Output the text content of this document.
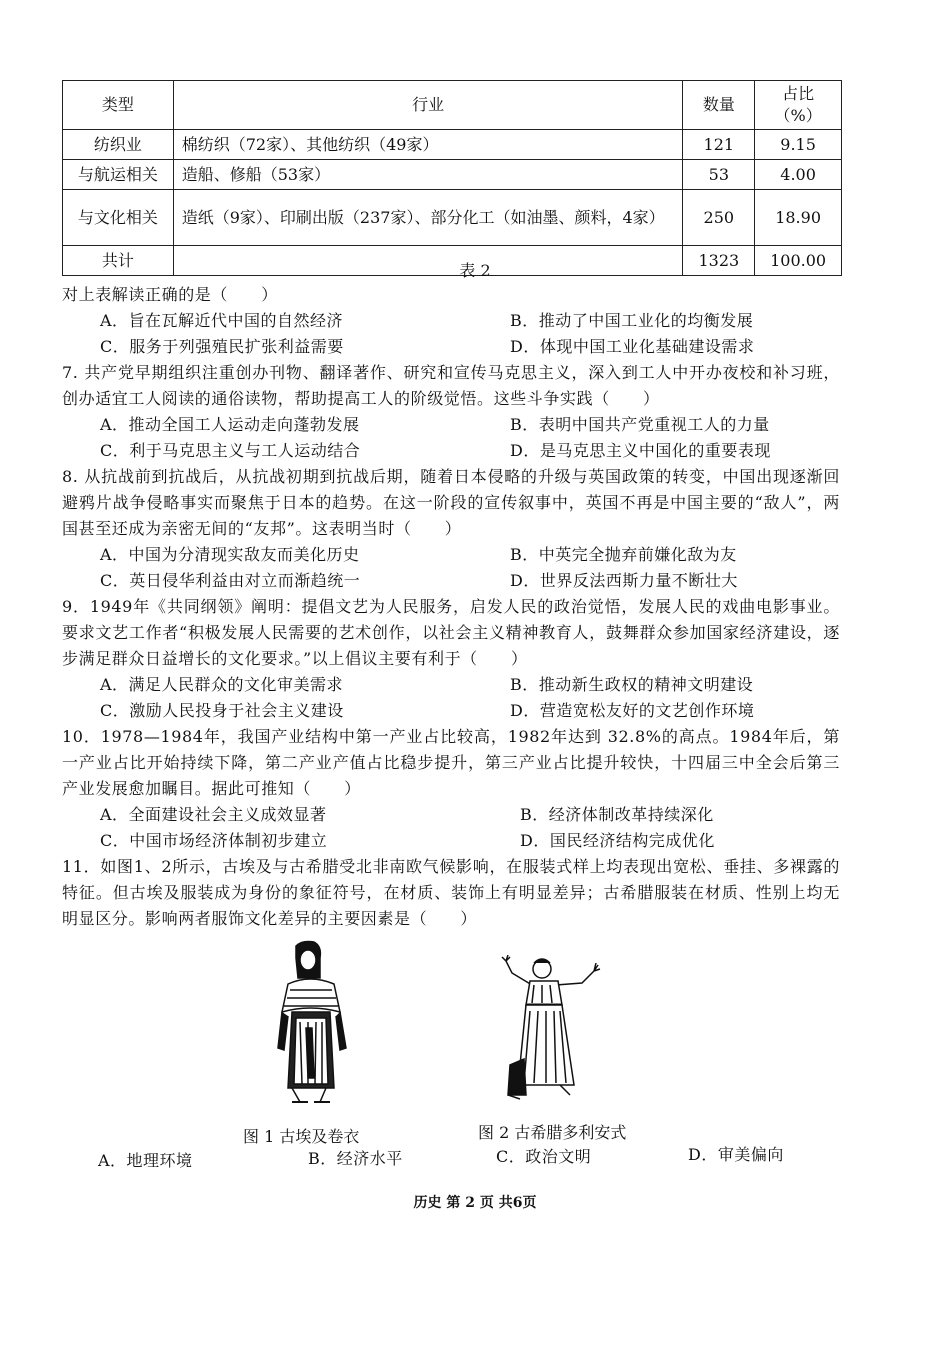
类型	行业	数量	占比（%）
纺织业	棉纺织（72家）、其他纺织（49家）	121	9.15
与航运相关	造船、修船（53家）	53	4.00
与文化相关	造纸（9家）、印刷出版（237家）、部分化工（如油墨、颜料，4家）	250	18.90
共计		1323	100.00
表 2
对上表解读正确的是（　　）
A．旨在瓦解近代中国的自然经济	B．推动了中国工业化的均衡发展
C．服务于列强殖民扩张利益需要	D．体现中国工业化基础建设需求
7. 共产党早期组织注重创办刊物、翻译著作、研究和宣传马克思主义，深入到工人中开办夜校和补习班，创办适宜工人阅读的通俗读物，帮助提高工人的阶级觉悟。这些斗争实践（　　）
A．推动全国工人运动走向蓬勃发展	B．表明中国共产党重视工人的力量
C．利于马克思主义与工人运动结合	D．是马克思主义中国化的重要表现
8. 从抗战前到抗战后，从抗战初期到抗战后期，随着日本侵略的升级与英国政策的转变，中国出现逐渐回避鸦片战争侵略事实而聚焦于日本的趋势。在这一阶段的宣传叙事中，英国不再是中国主要的“敌人”，两国甚至还成为亲密无间的“友邦”。这表明当时（　　）
A．中国为分清现实敌友而美化历史	B．中英完全抛弃前嫌化敌为友
C．英日侵华利益由对立而渐趋统一	D．世界反法西斯力量不断壮大
9．1949年《共同纲领》阐明：提倡文艺为人民服务，启发人民的政治觉悟，发展人民的戏曲电影事业。要求文艺工作者“积极发展人民需要的艺术创作，以社会主义精神教育人，鼓舞群众参加国家经济建设，逐步满足群众日益增长的文化要求。”以上倡议主要有利于（　　）
A．满足人民群众的文化审美需求	B．推动新生政权的精神文明建设
C．激励人民投身于社会主义建设	D．营造宽松友好的文艺创作环境
10．1978—1984年，我国产业结构中第一产业占比较高，1982年达到 32.8%的高点。1984年后，第一产业占比开始持续下降，第二产业产值占比稳步提升，第三产业占比提升较快，十四届三中全会后第三产业发展愈加瞩目。据此可推知（　　）
A．全面建设社会主义成效显著	B．经济体制改革持续深化
C．中国市场经济体制初步建立	D．国民经济结构完成优化
11．如图1、2所示，古埃及与古希腊受北非南欧气候影响，在服装式样上均表现出宽松、垂挂、多裸露的特征。但古埃及服装成为身份的象征符号，在材质、装饰上有明显差异；古希腊服装在材质、性别上均无明显区分。影响两者服饰文化差异的主要因素是（　　）
图 1 古埃及卷衣	图 2 古希腊多利安式
A．地理环境	B．经济水平	C．政治文明	D．审美偏向
历史 第 2 页 共6页
